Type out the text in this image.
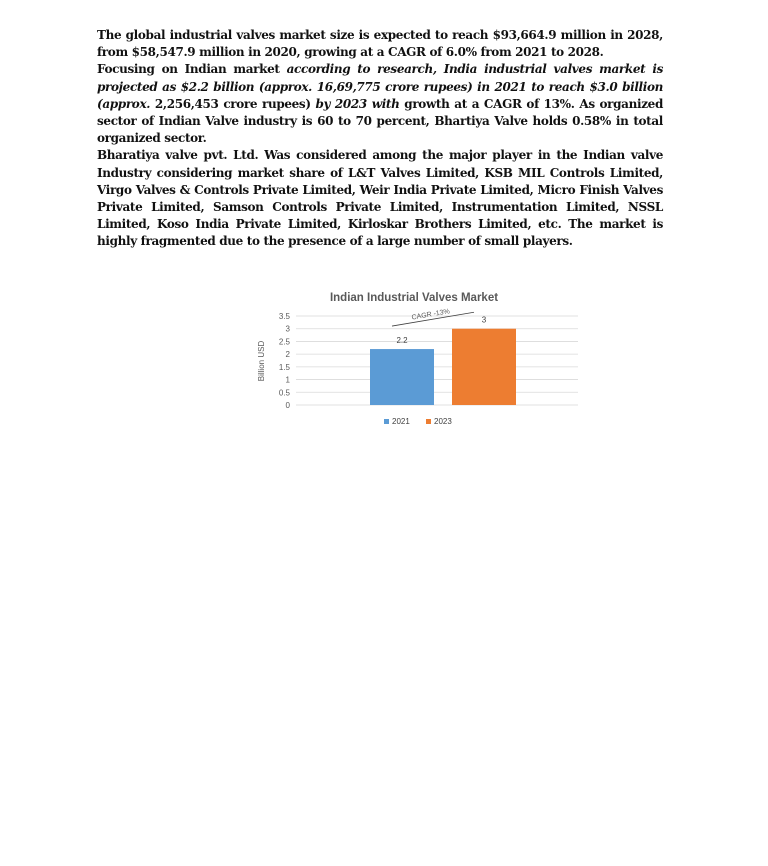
The global industrial valves market size is expected to reach $93,664.9 million in 2028, from $58,547.9 million in 2020, growing at a CAGR of 6.0% from 2021 to 2028.

Focusing on Indian market according to research, India industrial valves market is projected as $2.2 billion (approx. 16,69,775 crore rupees) in 2021 to reach $3.0 billion (approx. 2,256,453 crore rupees) by 2023 with growth at a CAGR of 13%. As organized sector of Indian Valve industry is 60 to 70 percent, Bhartiya Valve holds 0.58% in total organized sector.

Bharatiya valve pvt. Ltd. Was considered among the major player in the Indian valve Industry considering market share of L&T Valves Limited, KSB MIL Controls Limited, Virgo Valves & Controls Private Limited, Weir India Private Limited, Micro Finish Valves Private Limited, Samson Controls Private Limited, Instrumentation Limited, NSSL Limited, Koso India Private Limited, Kirloskar Brothers Limited, etc. The market is highly fragmented due to the presence of a large number of small players.

Indian Industrial Valves Market
Billion USD
0
0.5
1
1.5
2
2.5
3
3.5
2.2
3
CAGR -13%
2021	2023
